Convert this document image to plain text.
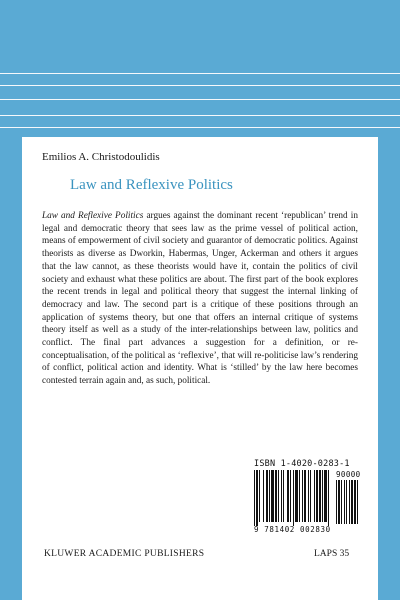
Emilios A. Christodoulidis
Law and Reflexive Politics

Law and Reflexive Politics argues against the dominant recent ‘republican’ trend in legal and democratic theory that sees law as the prime vessel of political action, means of empowerment of civil society and guarantor of democratic politics. Against theorists as diverse as Dworkin, Habermas, Unger, Ackerman and others it argues that the law cannot, as these theorists would have it, contain the politics of civil society and exhaust what these politics are about. The first part of the book explores the recent trends in legal and political theory that suggest the internal linking of democracy and law. The second part is a critique of these positions through an application of systems theory, but one that offers an internal critique of systems theory itself as well as a study of the inter-relationships between law, politics and conflict. The final part advances a suggestion for a definition, or re-conceptualisation, of the political as ‘reflexive’, that will re-politicise law’s rendering of conflict, political action and identity. What is ‘stilled’ by the law here becomes contested terrain again and, as such, political.

ISBN 1-4020-0283-1
9 781402 002830
90000
KLUWER ACADEMIC PUBLISHERS	LAPS 35
